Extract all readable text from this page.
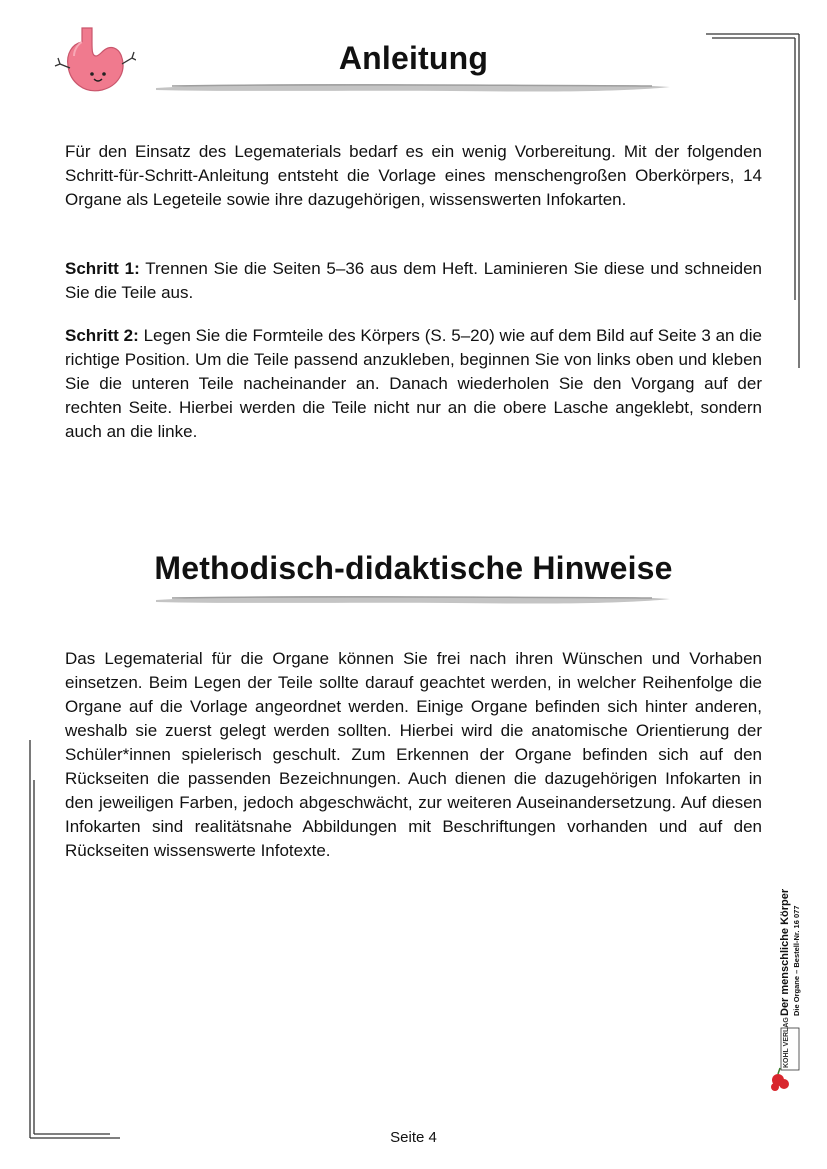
Anleitung

Für den Einsatz des Legematerials bedarf es ein wenig Vorbereitung. Mit der folgenden Schritt-für-Schritt-Anleitung entsteht die Vorlage eines menschengroßen Oberkörpers, 14 Organe als Legeteile sowie ihre dazugehörigen, wissenswerten Infokarten.

Schritt 1: Trennen Sie die Seiten 5–36 aus dem Heft. Laminieren Sie diese und schneiden Sie die Teile aus.

Schritt 2: Legen Sie die Formteile des Körpers (S. 5–20) wie auf dem Bild auf Seite 3 an die richtige Position. Um die Teile passend anzukleben, beginnen Sie von links oben und kleben Sie die unteren Teile nacheinander an. Danach wiederholen Sie den Vorgang auf der rechten Seite. Hierbei werden die Teile nicht nur an die obere Lasche angeklebt, sondern auch an die linke.

Methodisch-didaktische Hinweise

Das Legematerial für die Organe können Sie frei nach ihren Wünschen und Vorhaben einsetzen. Beim Legen der Teile sollte darauf geachtet werden, in welcher Reihenfolge die Organe auf die Vorlage angeordnet werden. Einige Organe befinden sich hinter anderen, weshalb sie zuerst gelegt werden sollten. Hierbei wird die anatomische Orientierung der Schüler*innen spielerisch geschult. Zum Erkennen der Organe befinden sich auf den Rückseiten die passenden Bezeichnungen. Auch dienen die dazugehörigen Infokarten in den jeweiligen Farben, jedoch abgeschwächt, zur weiteren Auseinandersetzung. Auf diesen Infokarten sind realitätsnahe Abbildungen mit Beschriftungen vorhanden und auf den Rückseiten wissenswerte Infotexte.

Der menschliche Körper Die Organe – Bestell-Nr. 16 077
KOHL VERLAG
Seite 4
